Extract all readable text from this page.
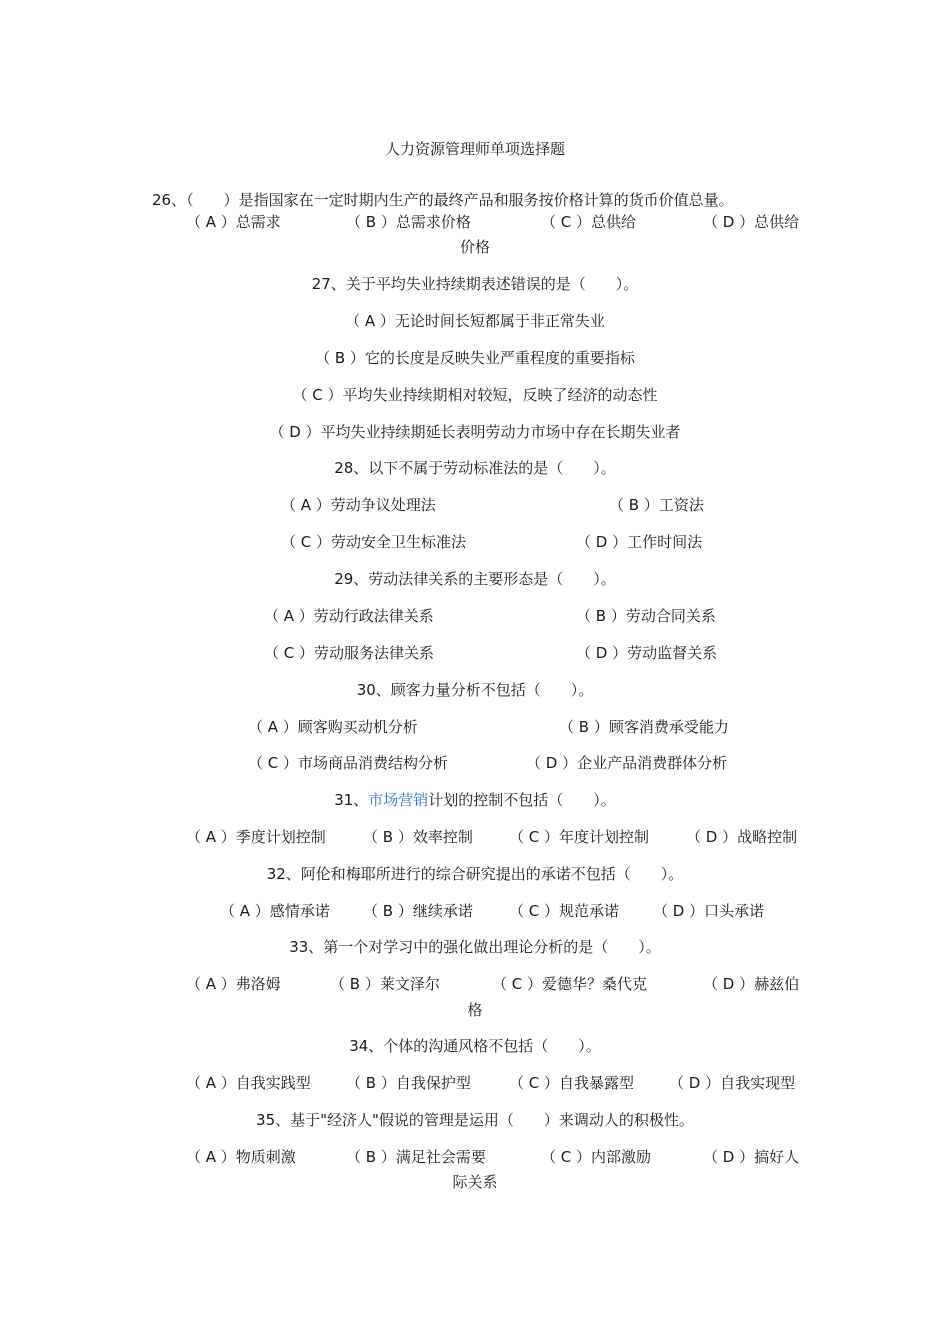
人力资源管理师单项选择题

26、（　　）是指国家在一定时期内生产的最终产品和服务按价格计算的货币价值总量。

（ A ）总需求	（ B ）总需求价格	（ C ）总供给	（ D ）总供给

价格

27、关于平均失业持续期表述错误的是（　　）。

（ A ）无论时间长短都属于非正常失业

（ B ）它的长度是反映失业严重程度的重要指标

（ C ）平均失业持续期相对较短，反映了经济的动态性

（ D ）平均失业持续期延长表明劳动力市场中存在长期失业者

28、以下不属于劳动标准法的是（　　）。

（ A ）劳动争议处理法	（ B ）工资法
（ C ）劳动安全卫生标准法	（ D ）工作时间法

29、劳动法律关系的主要形态是（　　）。

（ A ）劳动行政法律关系	（ B ）劳动合同关系
（ C ）劳动服务法律关系	（ D ）劳动监督关系

30、顾客力量分析不包括（　　）。

（ A ）顾客购买动机分析	（ B ）顾客消费承受能力
（ C ）市场商品消费结构分析	（ D ）企业产品消费群体分析

31、市场营销计划的控制不包括（　　）。

（ A ）季度计划控制 （ B ）效率控制 （ C ）年度计划控制 （ D ）战略控制

32、阿伦和梅耶所进行的综合研究提出的承诺不包括（　　）。

（ A ）感情承诺 （ B ）继续承诺 （ C ）规范承诺 （ D ）口头承诺

33、第一个对学习中的强化做出理论分析的是（　　）。

（ A ）弗洛姆	（ B ）莱文泽尔	（ C ）爱德华？桑代克	（ D ）赫兹伯

格

34、个体的沟通风格不包括（　　）。

（ A ）自我实践型 （ B ）自我保护型	（ C ）自我暴露型 （ D ）自我实现型

35、基于"经济人"假说的管理是运用（　　）来调动人的积极性。

（ A ）物质刺激	（ B ）满足社会需要	（ C ）内部激励	（ D ）搞好人

际关系
